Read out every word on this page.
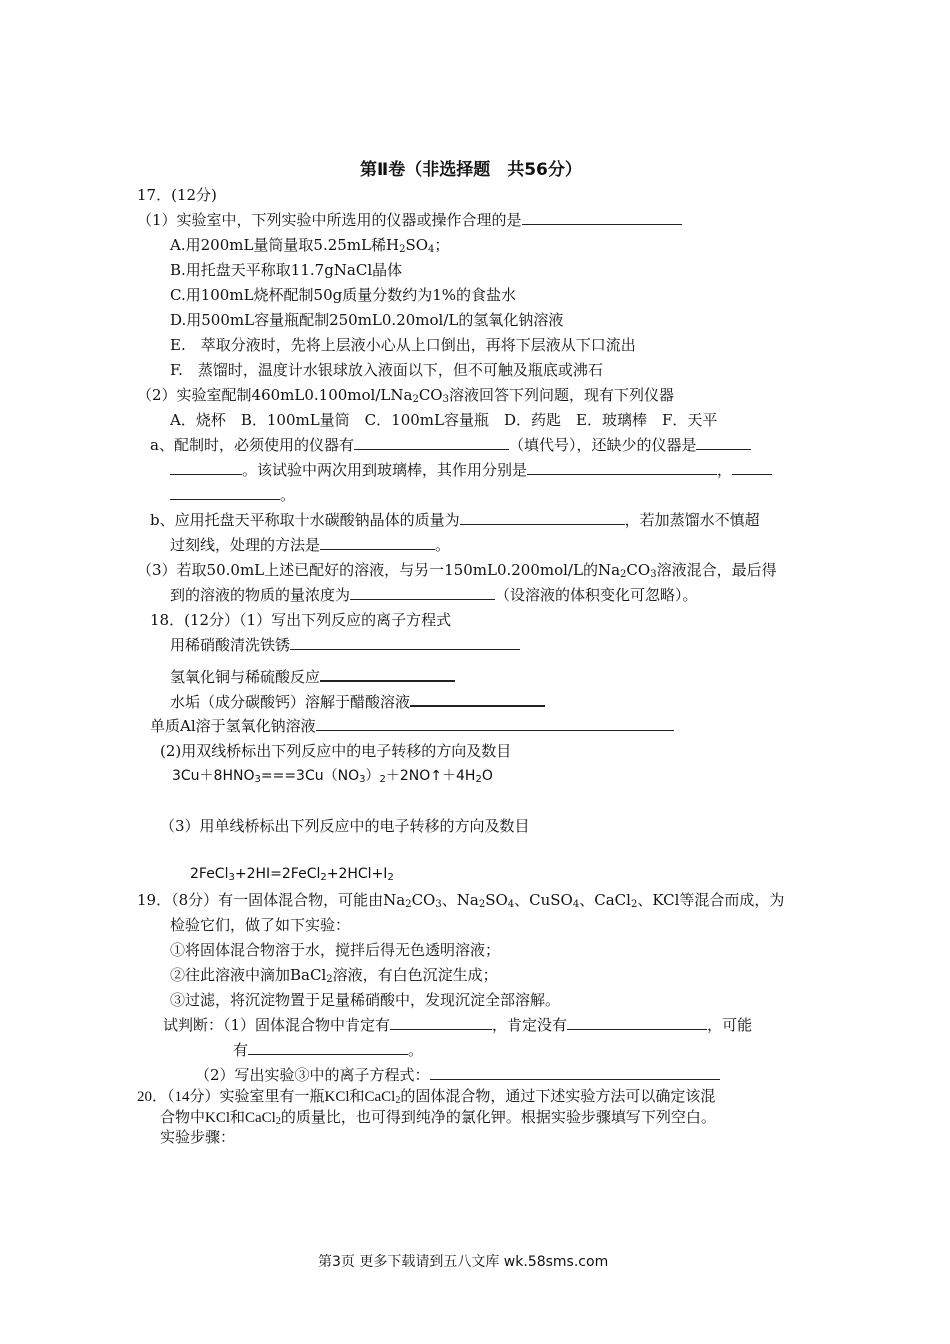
第Ⅱ卷（非选择题　共56分）
17．(12分)
（1）实验室中，下列实验中所选用的仪器或操作合理的是
A.用200mL量筒量取5.25mL稀$H_2SO_4$；
B.用托盘天平称取11.7gNaCl晶体
C.用100mL烧杯配制50g质量分数约为1%的食盐水
D.用500mL容量瓶配制250mL0.20mol/L的氢氧化钠溶液
E.　萃取分液时，先将上层液小心从上口倒出，再将下层液从下口流出
F.　蒸馏时，温度计水银球放入液面以下，但不可触及瓶底或沸石
（2）实验室配制$460mL0.100mol/LNa_2CO_3$溶液回答下列问题，现有下列仪器
A．烧杯　B．100mL量筒　C．100mL容量瓶　D．药匙　E．玻璃棒　F．天平
a、配制时，必须使用的仪器有	（填代号），还缺少的仪器是
。该试验中两次用到玻璃棒，其作用分别是	，
。
b、应用托盘天平称取十水碳酸钠晶体的质量为	，若加蒸馏水不慎超
过刻线，处理的方法是	。
（3）若取50.0mL上述已配好的溶液，与另一150mL0.200mol/L的$Na_2CO_3$溶液混合，最后得
到的溶液的物质的量浓度为	（设溶液的体积变化可忽略）。
18．(12分）（1）写出下列反应的离子方程式
用稀硝酸清洗铁锈
氢氧化铜与稀硫酸反应
水垢（成分碳酸钙）溶解于醋酸溶液
单质Al溶于氢氧化钠溶液
(2)用双线桥标出下列反应中的电子转移的方向及数目
$3Cu+8HNO_3===3Cu(NO_3)_2+2NO↑+4H_2O$
（3）用单线桥标出下列反应中的电子转移的方向及数目
$2FeCl_3+2HI=2FeCl_2+2HCl+I_2$
19．（8分）有一固体混合物，可能由$Na_2CO_3$、$Na_2SO_4$、CuSO$_4$、CaCl$_2$、KCl等混合而成，为
检验它们，做了如下实验：
①将固体混合物溶于水，搅拌后得无色透明溶液；
②往此溶液中滴加BaCl$_2$溶液，有白色沉淀生成；
③过滤，将沉淀物置于足量稀硝酸中，发现沉淀全部溶解。
试判断：（1）固体混合物中肯定有	，肯定没有	，可能
有	。
（2）写出实验③中的离子方程式：
20．（14分）实验室里有一瓶KCl和CaCl$_2$的固体混合物，通过下述实验方法可以确定该混
合物中KCl和CaCl$_2$的质量比，也可得到纯净的氯化钾。根据实验步骤填写下列空白。
实验步骤：
第3页 更多下载请到五八文库 wk.58sms.com
